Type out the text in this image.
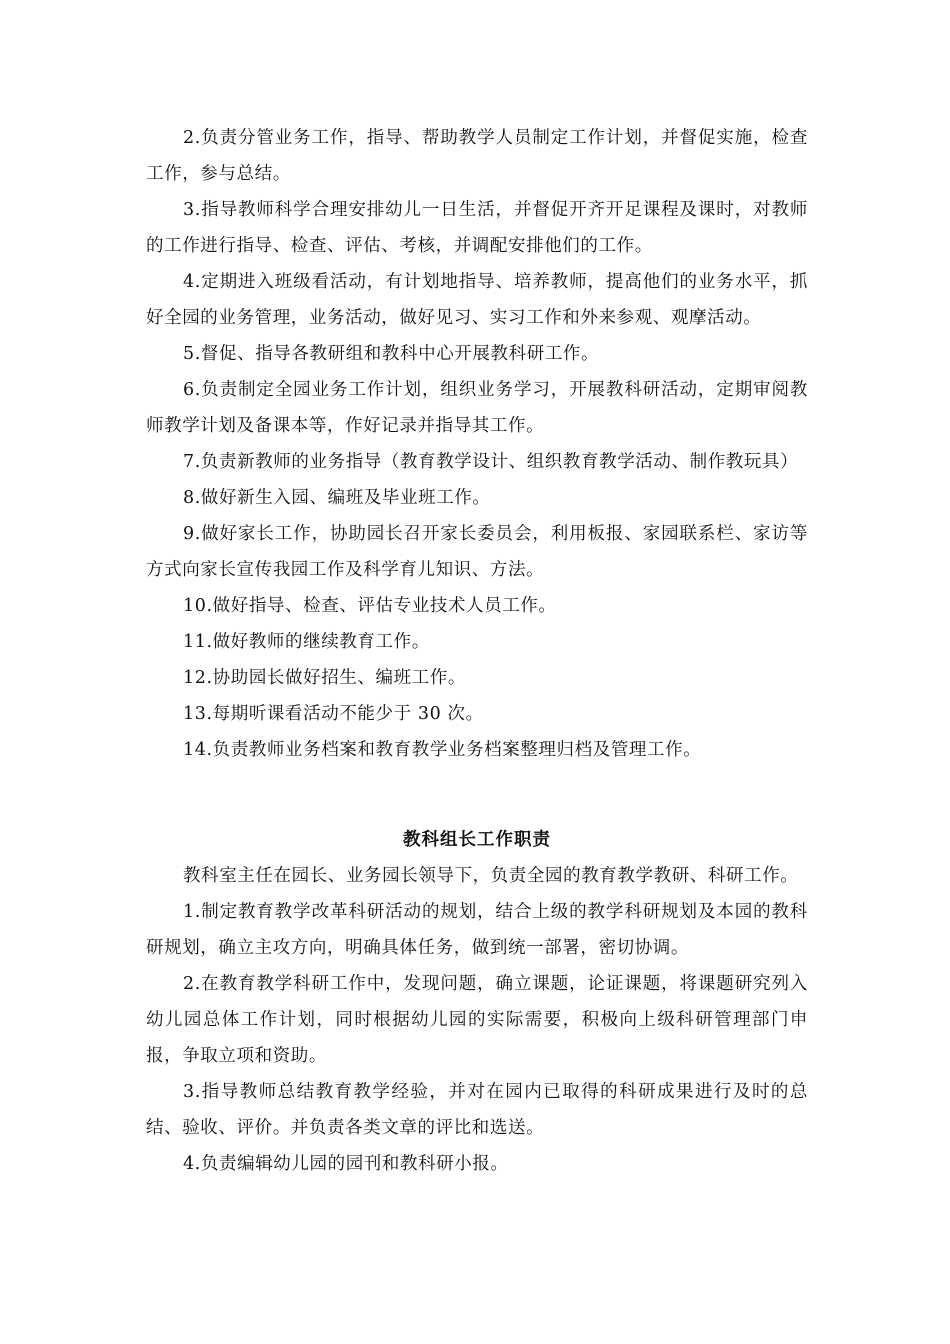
2.负责分管业务工作，指导、帮助教学人员制定工作计划，并督促实施，检查工作，参与总结。

3.指导教师科学合理安排幼儿一日生活，并督促开齐开足课程及课时，对教师的工作进行指导、检查、评估、考核，并调配安排他们的工作。

4.定期进入班级看活动，有计划地指导、培养教师，提高他们的业务水平，抓好全园的业务管理，业务活动，做好见习、实习工作和外来参观、观摩活动。

5.督促、指导各教研组和教科中心开展教科研工作。

6.负责制定全园业务工作计划，组织业务学习，开展教科研活动，定期审阅教师教学计划及备课本等，作好记录并指导其工作。

7.负责新教师的业务指导（教育教学设计、组织教育教学活动、制作教玩具）

8.做好新生入园、编班及毕业班工作。

9.做好家长工作，协助园长召开家长委员会，利用板报、家园联系栏、家访等方式向家长宣传我园工作及科学育儿知识、方法。

10.做好指导、检查、评估专业技术人员工作。

11.做好教师的继续教育工作。

12.协助园长做好招生、编班工作。

13.每期听课看活动不能少于 30 次。

14.负责教师业务档案和教育教学业务档案整理归档及管理工作。

教科组长工作职责

教科室主任在园长、业务园长领导下，负责全园的教育教学教研、科研工作。

1.制定教育教学改革科研活动的规划，结合上级的教学科研规划及本园的教科研规划，确立主攻方向，明确具体任务，做到统一部署，密切协调。

2.在教育教学科研工作中，发现问题，确立课题，论证课题，将课题研究列入幼儿园总体工作计划，同时根据幼儿园的实际需要，积极向上级科研管理部门申报，争取立项和资助。

3.指导教师总结教育教学经验，并对在园内已取得的科研成果进行及时的总结、验收、评价。并负责各类文章的评比和选送。

4.负责编辑幼儿园的园刊和教科研小报。
